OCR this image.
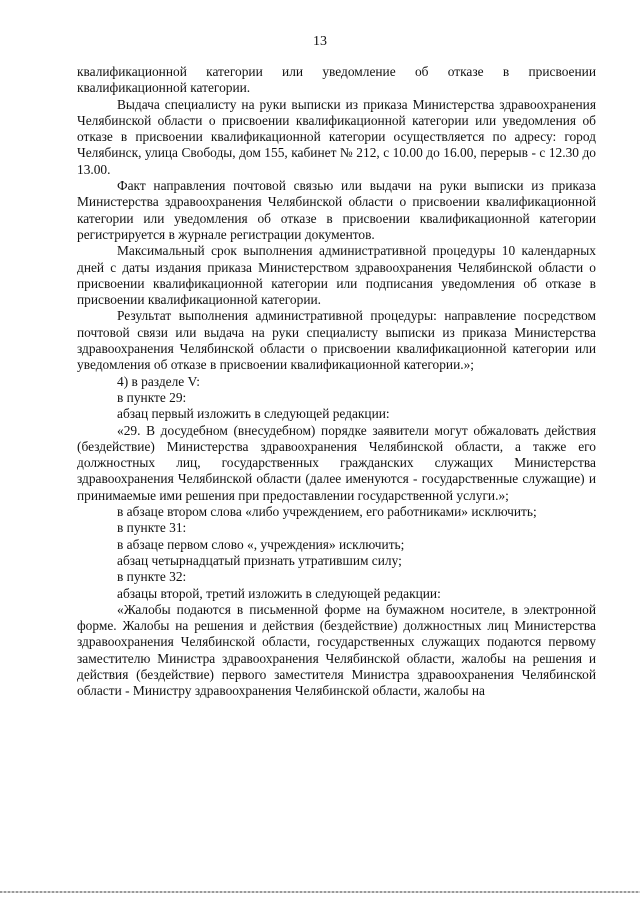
13

квалификационной категории или уведомление об отказе в присвоении квалификационной категории.

Выдача специалисту на руки выписки из приказа Министерства здравоохранения Челябинской области о присвоении квалификационной категории или уведомления об отказе в присвоении квалификационной категории осуществляется по адресу: город Челябинск, улица Свободы, дом 155, кабинет № 212, с 10.00 до 16.00, перерыв - с 12.30 до 13.00.

Факт направления почтовой связью или выдачи на руки выписки из приказа Министерства здравоохранения Челябинской области о присвоении квалификационной категории или уведомления об отказе в присвоении квалификационной категории регистрируется в журнале регистрации документов.

Максимальный срок выполнения административной процедуры 10 календарных дней с даты издания приказа Министерством здравоохранения Челябинской области о присвоении квалификационной категории или подписания уведомления об отказе в присвоении квалификационной категории.

Результат выполнения административной процедуры: направление посредством почтовой связи или выдача на руки специалисту выписки из приказа Министерства здравоохранения Челябинской области о присвоении квалификационной категории или уведомления об отказе в присвоении квалификационной категории.»;

4) в разделе V:

в пункте 29:

абзац первый изложить в следующей редакции:

«29. В досудебном (внесудебном) порядке заявители могут обжаловать действия (бездействие) Министерства здравоохранения Челябинской области, а также его должностных лиц, государственных гражданских служащих Министерства здравоохранения Челябинской области (далее именуются - государственные служащие) и принимаемые ими решения при предоставлении государственной услуги.»;

в абзаце втором слова «либо учреждением, его работниками» исключить;

в пункте 31:

в абзаце первом слово «, учреждения» исключить;

абзац четырнадцатый признать утратившим силу;

в пункте 32:

абзацы второй, третий изложить в следующей редакции:

«Жалобы подаются в письменной форме на бумажном носителе, в электронной форме. Жалобы на решения и действия (бездействие) должностных лиц Министерства здравоохранения Челябинской области, государственных служащих подаются первому заместителю Министра здравоохранения Челябинской области, жалобы на решения и действия (бездействие) первого заместителя Министра здравоохранения Челябинской области - Министру здравоохранения Челябинской области, жалобы на
